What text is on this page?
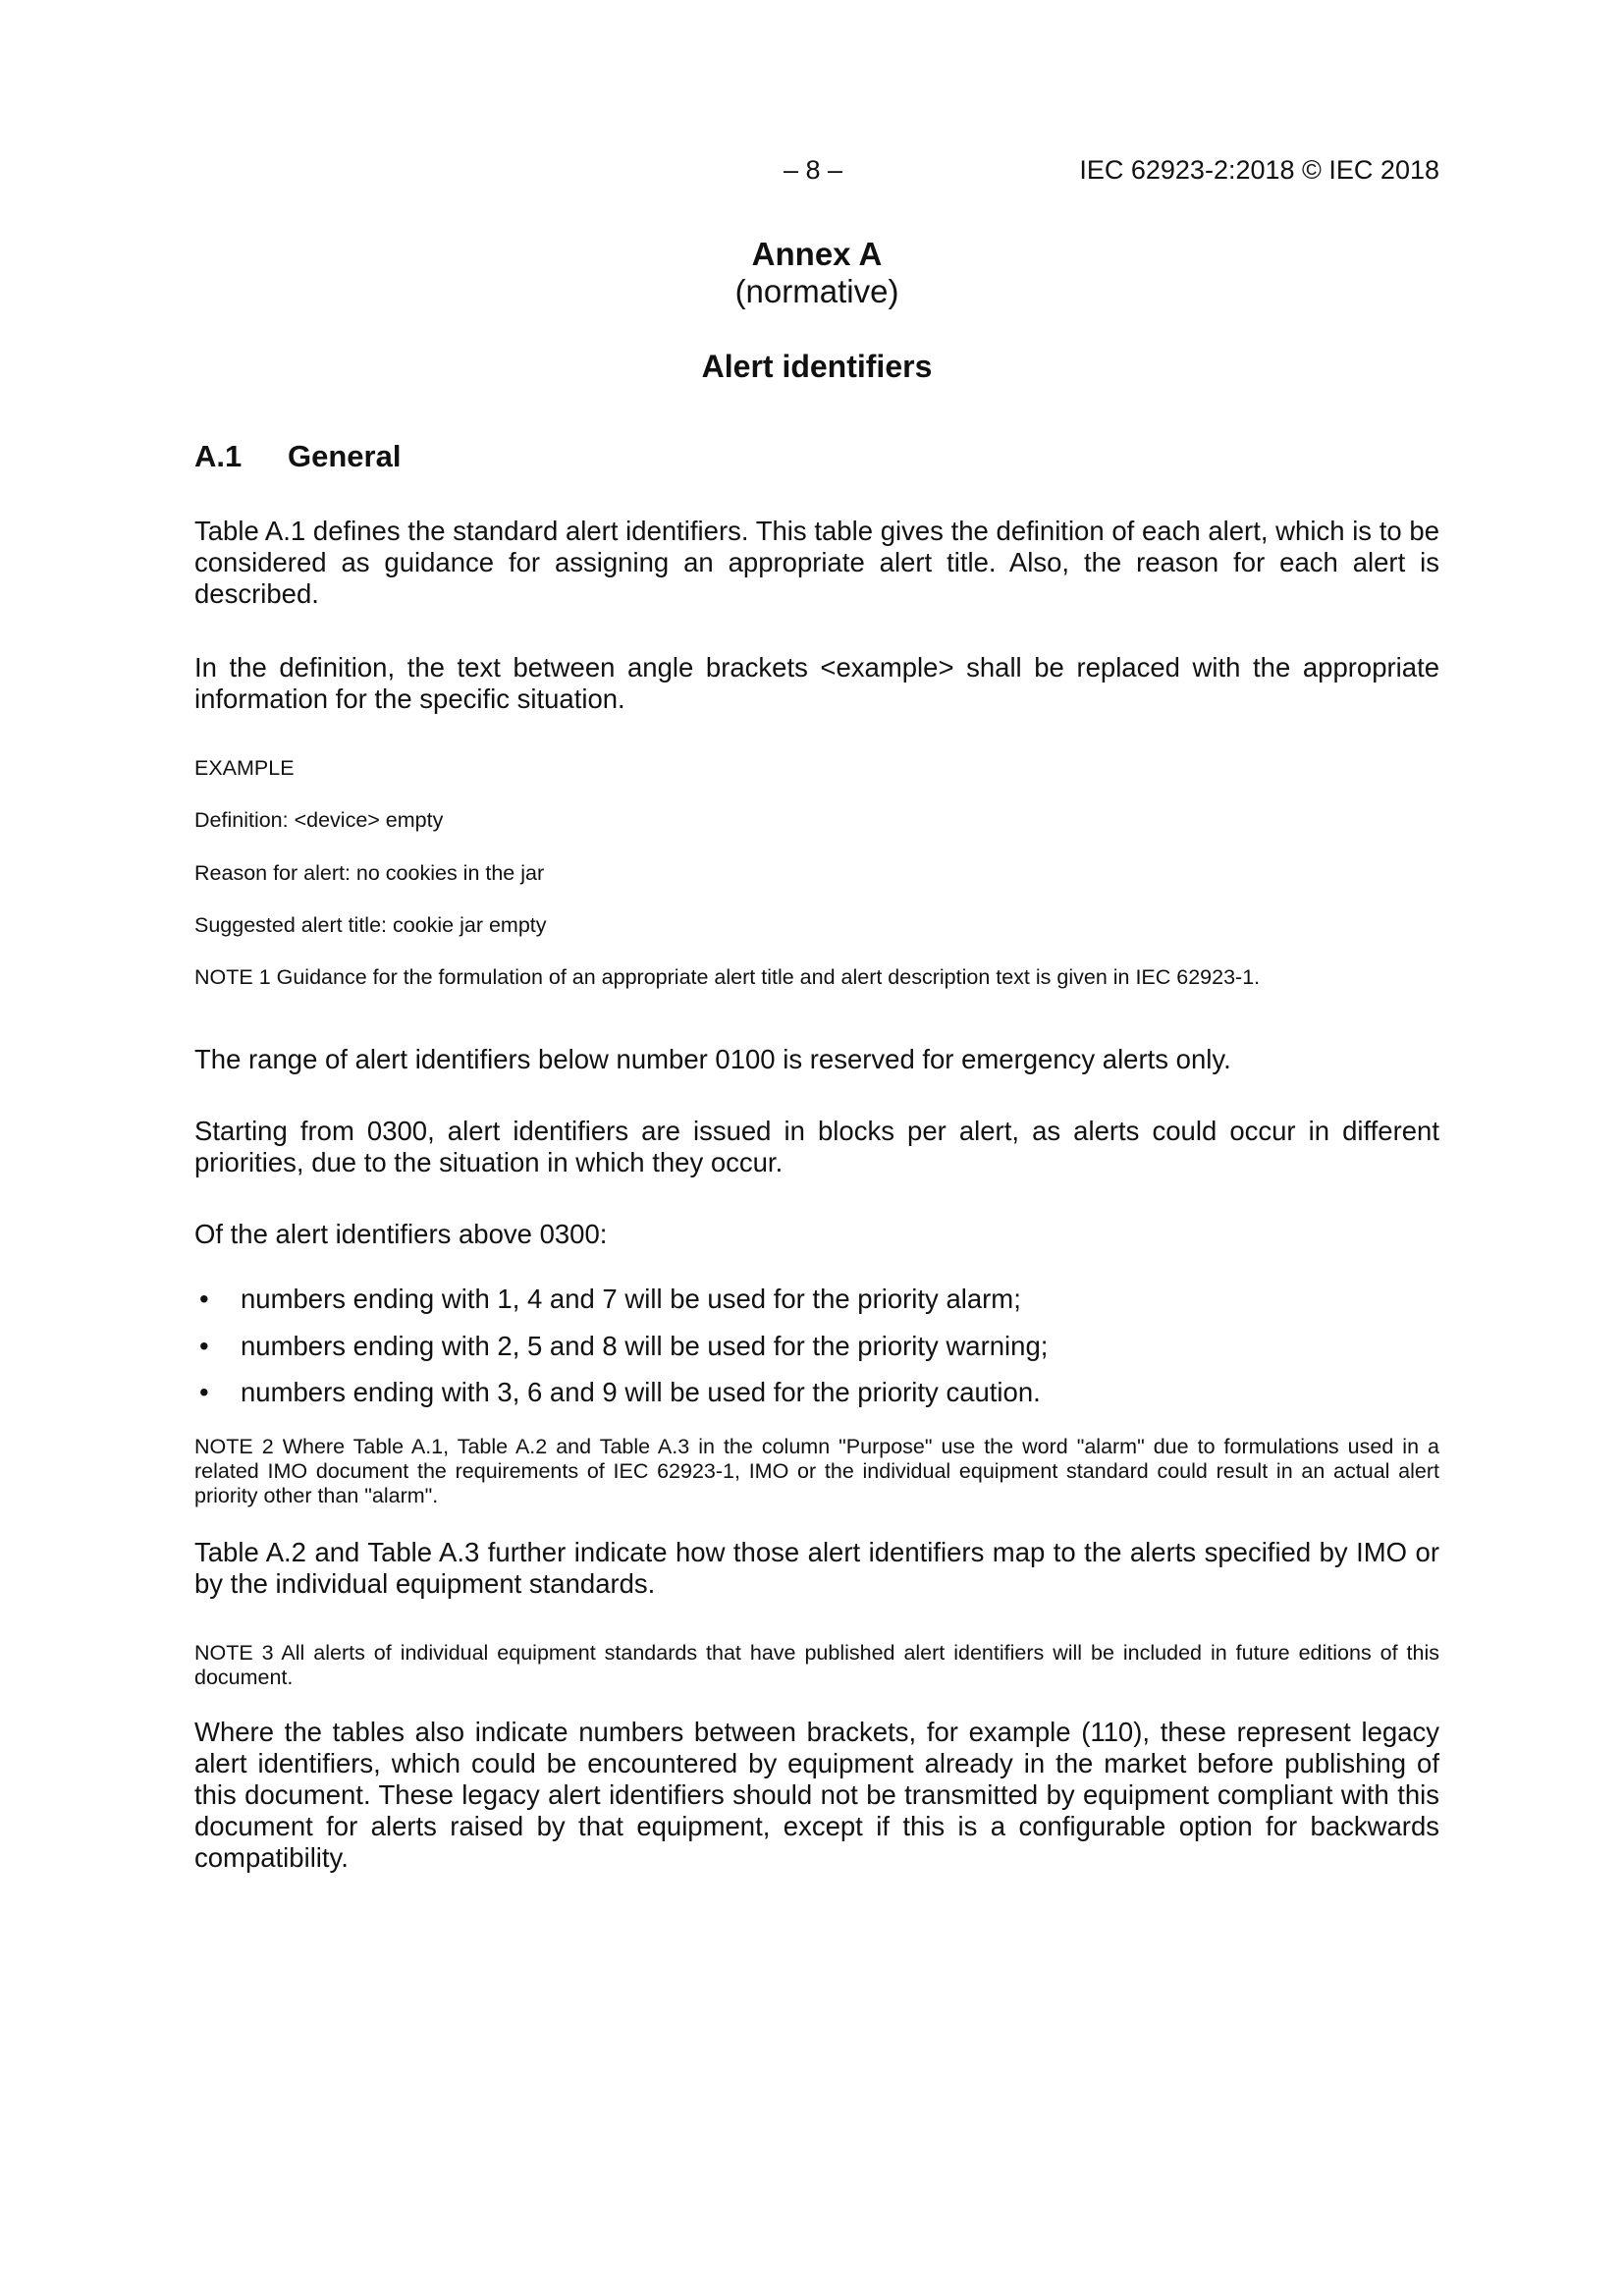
– 8 –	IEC 62923-2:2018 © IEC 2018
Annex A
(normative)
Alert identifiers
A.1 General

Table A.1 defines the standard alert identifiers. This table gives the definition of each alert, which is to be considered as guidance for assigning an appropriate alert title. Also, the reason for each alert is described.

In the definition, the text between angle brackets <example> shall be replaced with the appropriate information for the specific situation.

EXAMPLE

Definition: <device> empty

Reason for alert: no cookies in the jar

Suggested alert title: cookie jar empty

NOTE 1 Guidance for the formulation of an appropriate alert title and alert description text is given in IEC 62923-1.

The range of alert identifiers below number 0100 is reserved for emergency alerts only.

Starting from 0300, alert identifiers are issued in blocks per alert, as alerts could occur in different priorities, due to the situation in which they occur.

Of the alert identifiers above 0300:

• numbers ending with 1, 4 and 7 will be used for the priority alarm;
• numbers ending with 2, 5 and 8 will be used for the priority warning;
• numbers ending with 3, 6 and 9 will be used for the priority caution.

NOTE 2 Where Table A.1, Table A.2 and Table A.3 in the column "Purpose" use the word "alarm" due to formulations used in a related IMO document the requirements of IEC 62923-1, IMO or the individual equipment standard could result in an actual alert priority other than "alarm".

Table A.2 and Table A.3 further indicate how those alert identifiers map to the alerts specified by IMO or by the individual equipment standards.

NOTE 3 All alerts of individual equipment standards that have published alert identifiers will be included in future editions of this document.

Where the tables also indicate numbers between brackets, for example (110), these represent legacy alert identifiers, which could be encountered by equipment already in the market before publishing of this document. These legacy alert identifiers should not be transmitted by equipment compliant with this document for alerts raised by that equipment, except if this is a configurable option for backwards compatibility.
